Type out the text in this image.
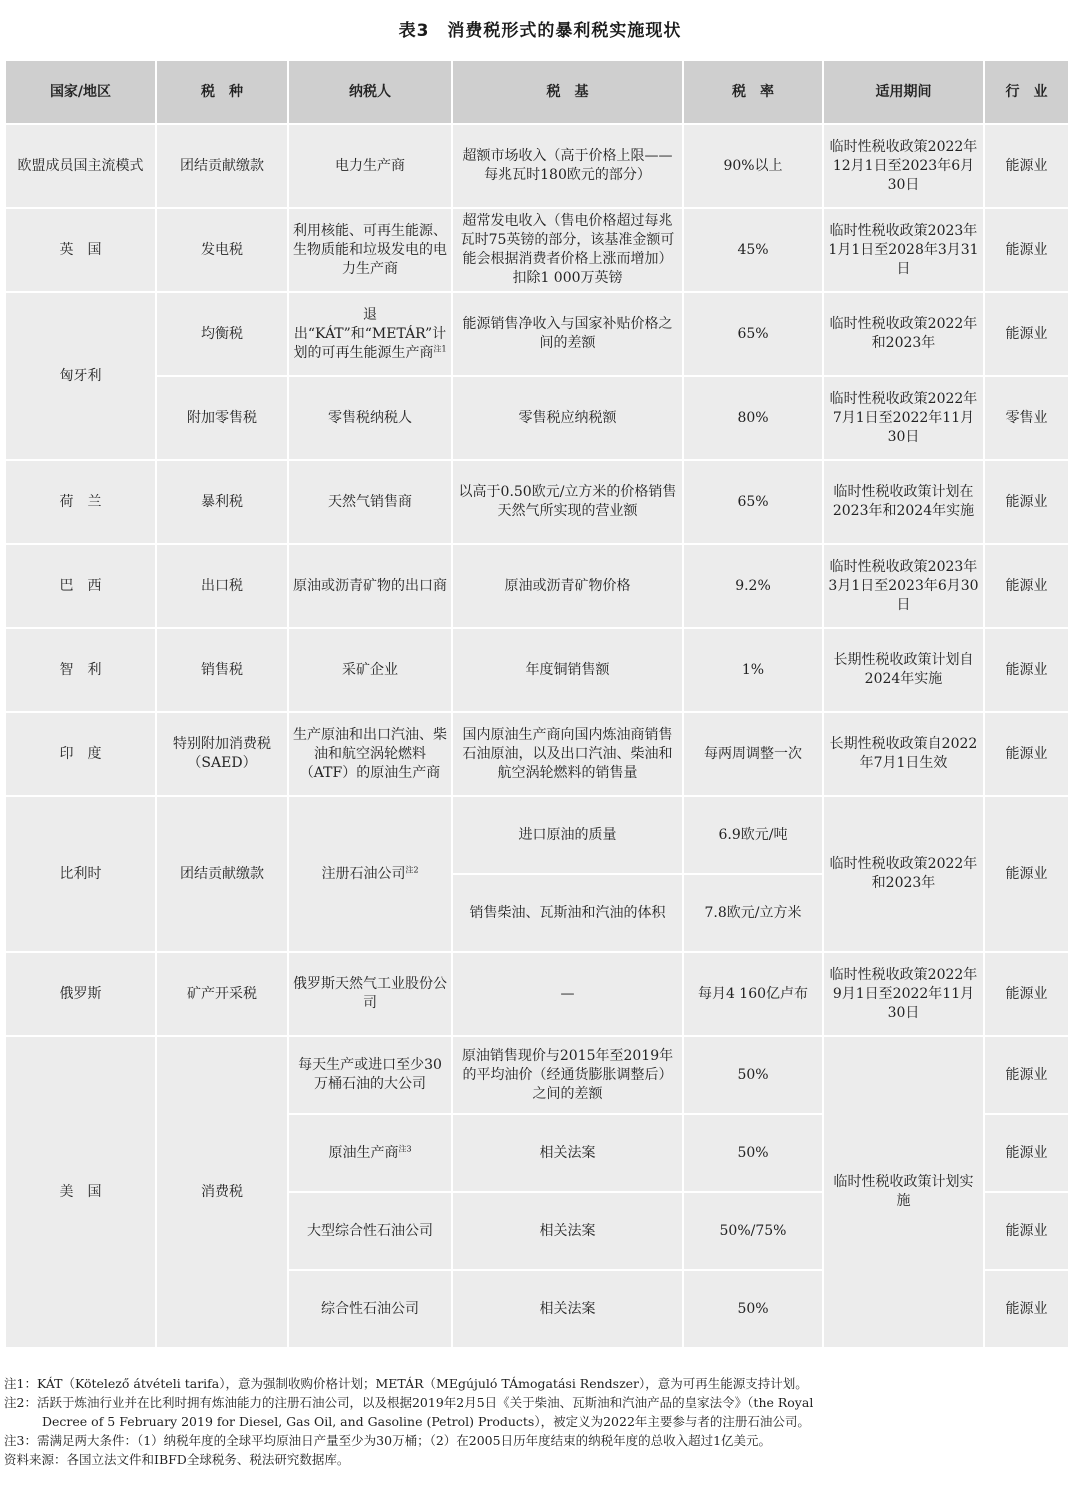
表3　消费税形式的暴利税实施现状
国家/地区	税　种	纳税人	税　基	税　率	适用期间	行　业
欧盟成员国主流模式	团结贡献缴款	电力生产商	超额市场收入（高于价格上限——每兆瓦时180欧元的部分）	90%以上	临时性税收政策2022年12月1日至2023年6月30日	能源业
英　国	发电税	利用核能、可再生能源、生物质能和垃圾发电的电力生产商	超常发电收入（售电价格超过每兆瓦时75英镑的部分，该基准金额可能会根据消费者价格上涨而增加）扣除1 000万英镑	45%	临时性税收政策2023年1月1日至2028年3月31日	能源业
匈牙利	均衡税	退出“KÁT”和“METÁR”计划的可再生能源生产商$^{注1}$	能源销售净收入与国家补贴价格之间的差额	65%	临时性税收政策2022年和2023年	能源业
	附加零售税	零售税纳税人	零售税应纳税额	80%	临时性税收政策2022年7月1日至2022年11月30日	零售业
荷　兰	暴利税	天然气销售商	以高于0.50欧元/立方米的价格销售天然气所实现的营业额	65%	临时性税收政策计划在2023年和2024年实施	能源业
巴　西	出口税	原油或沥青矿物的出口商	原油或沥青矿物价格	9.2%	临时性税收政策2023年3月1日至2023年6月30日	能源业
智　利	销售税	采矿企业	年度铜销售额	1%	长期性税收政策计划自2024年实施	能源业
印　度	特别附加消费税（SAED）	生产原油和出口汽油、柴油和航空涡轮燃料（ATF）的原油生产商	国内原油生产商向国内炼油商销售石油原油，以及出口汽油、柴油和航空涡轮燃料的销售量	每两周调整一次	长期性税收政策自2022年7月1日生效	能源业
比利时	团结贡献缴款	注册石油公司$^{注2}$	进口原油的质量	6.9欧元/吨	临时性税收政策2022年和2023年	能源业
			销售柴油、瓦斯油和汽油的体积	7.8欧元/立方米		
俄罗斯	矿产开采税	俄罗斯天然气工业股份公司	—	每月4 160亿卢布	临时性税收政策2022年9月1日至2022年11月30日	能源业
美　国	消费税	每天生产或进口至少30万桶石油的大公司	原油销售现价与2015年至2019年的平均油价（经通货膨胀调整后）之间的差额	50%	临时性税收政策计划实施	能源业
		原油生产商$^{注3}$	相关法案	50%		能源业
		大型综合性石油公司	相关法案	50%/75%		能源业
		综合性石油公司	相关法案	50%		能源业

注1：KÁT（Kötelező átvételi tarifa），意为强制收购价格计划；METÁR（MEgújuló TÁmogatási Rendszer），意为可再生能源支持计划。

注2：活跃于炼油行业并在比利时拥有炼油能力的注册石油公司，以及根据2019年2月5日《关于柴油、瓦斯油和汽油产品的皇家法令》（the Royal

Decree of 5 February 2019 for Diesel, Gas Oil, and Gasoline (Petrol) Products），被定义为2022年主要参与者的注册石油公司。

注3：需满足两大条件：（1）纳税年度的全球平均原油日产量至少为30万桶；（2）在2005日历年度结束的纳税年度的总收入超过1亿美元。

资料来源：各国立法文件和IBFD全球税务、税法研究数据库。
